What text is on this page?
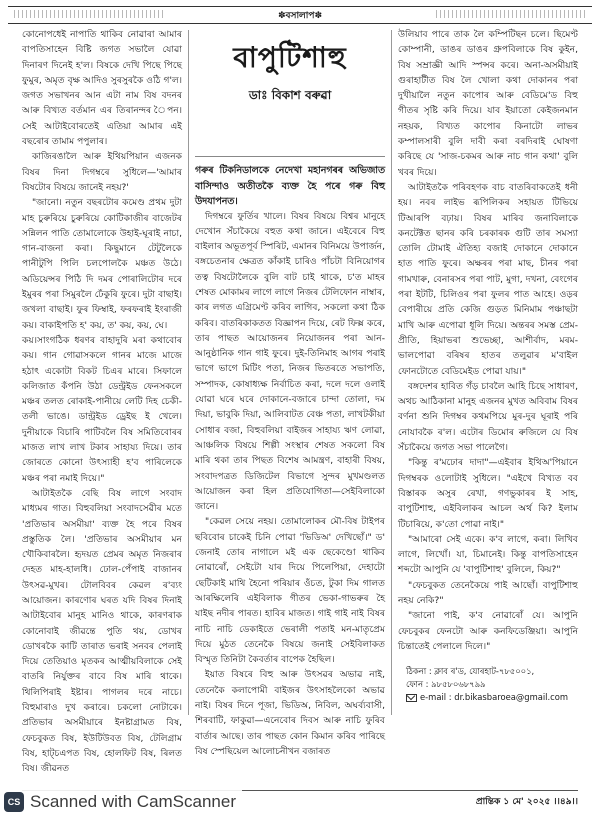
✽বসালাপ✽

কোনোপধেই নাপাতি থাকিব নোৱাৰা আমাৰ বাপতিসাহেন বিষ্টি জগত সভালৈ যোৱা দিনাৰণ দিনেই হ'ল। বিষকে দেখি পিছে পিছে ফুমুৰ, অমৃত বৃক্ষ আদিও সুৰসুৰকৈ ওঠি গ'ল। জগত সভাখনৰ আন এটা নাম বিষ বদনৰ আৰু বিখ্যত বৰ্তমান এৰ তিৰানন্দৰ ৈপন। সেই আটাইবোৰতেই এতিয়া আমাৰ এই বছৰোৰ তামাম পপুলাৰ।

কাজিৰঙালৈ আৰু ইথিয়পিয়ান এজনক বিষৰ দিনা দিগম্বৰে সুধিলে—'আমাৰ বিষটোৰ বিষয়ে জানেই নহয়?'

"জানো। নতুন বছৰটোৰ কমেণ্ড প্ৰথম দুটা মাহ চুৰুৰিয়ে চুৰুৰিয়ে কোটিকাজীৰ বাজেটৰ সন্নিলন পাতি তোমালোকে উহাই-ঘূৰাই নাচা, গান-বাজনা কৰা। কিছুমানে টেটুলৈকে পানীটুপি পিলি চলপোলকৈ মঞ্চত উঠে। অডিয়েন্সৰ পিঠি দি দমৰ পোৰালিটোৰ দৰে ইমুৰৰ পৰা সিমুৰলৈ ঢেঁকুৰি ফুৰে। দুটা বাছাই। জখলা বাছাই। ফুৰ ফিম্বাই, ফৰফৰাই ইংৰাজী কয়। বাকাইপতি হ' কয়, ত' কয়, কয়, ঘে।

কয়।সাংগঠিক ধৰণৰ বাহাদুৰি মৰা কথাবোৰ কয়। গান গোৱাসকলে গানৰ মাজে মাজে হঠাৎ একোটা বিকট চিএৰ মাৰে। সিফালে কলিজাত কঁপনি উঠা ডেন্ট্ৰইড ফেনসকলে মঞ্চৰ তলত ৰোকাই-পানীয়ে লেটি দিহ চেকী-তলী ভাঙে। ডান্ট্ৰইড ড্ৰেইছ ই খেলে। দুনীয়াকে বিচাৰি পাটিবলৈ বিষ সমিতিবোৰৰ মাজত লাখ লাখ টকাৰ সাহায্য দিয়ে। তাৰ জোৰতে কোনো উৎস্যাহী হ'ব পাৰিলেকে মঞ্চৰ পৰা নমাই দিয়ে।"

আটাইতকৈ বেছি বিষ লাগে সংবাদ মাধ্যমৰ গাত। বিহুবলিয়া সংবাদসেৱীৰ মতে 'প্ৰতিভাৰ অসমীয়া' ব্যক্ত হৈ পৰে বিষৰ প্ৰস্তুতিক লৈ। 'প্ৰতিভাৰ অসমীয়াৰ মন খৌকিবাৰলৈ। হৃদয়ত প্ৰেমৰ অমৃত নিজৰাৰ দেহত মাহ-হালধি। ঢোল-পেঁপাই বাজানৰ উৎসৱ-মুখৰ। টোলবিবৰ কেৱল ৰ'ব্যং আয়োজন। কাৰণোৰ ঘৰত যদি বিষৰ দিনাই আটাইবোৰ মানুহ মানিও থাকে, কাৰণৰাক কোনোবাই জীৱন্তে পুতি থয়, ডোখৰ ডোখৰকৈ কাটি তাৰাত ভৰাই সনবৰ পেলাই দিয়ে তেতিয়াও মৃতকৰ আত্মীয়বিলাকে সেই বাতৰি নিৰ্যুক্তৰ বাবে বিষ মাৰি থাকে। থিলিপিৰাই ইষ্টাৰ। পাগলৰ দৰে নাচে। বিহুমাৰাও দুখ কৰাৰে। চকলো নোটাকে। প্ৰতিভাৰ অসমীয়াৰে ইনষ্টাগ্ৰামত বিষ, ফেচবুকত বিষ, ইউটিউবত বিষ, টেলিগ্ৰাম বিষ, হাট্‌চএপত বিষ, হোলফিট বিষ, ৰিলত বিষ। জীৱনত

বাপুটিশাহু
ডাঃ বিকাশ বৰুৱা

গৰুৰ টিকনিডালকে নেদেখা মহানগৰৰ অভিজাত বাসিন্দাও অতীতকৈ ব্যক্ত হৈ পৰে গৰু বিহু উদযাপনত।

দিগম্বৰে ফুৰ্তিৰ খালে। বিষৰ বিষয়ে বিশ্বৰ মানুহে দেখোন সঁচাকৈয়ে বহুত কথা জানে। এইবেৰে বিহু বাইলাৰ অভূতপূৰ্ব স্পিৰিট, এমানৰ বিনিময়ে উপাৰ্জন, বঙ্গচেতনাৰ ক্ষেত্ৰত কাঁকাই চাৰিও পাঁচটা বিনিয়োগৰ তত্ব বিষটোলৈকে বুলি বাট চাই থাকে, চ'ত মাহৰ শেষত মোকামৰ লাগে লাগে নিজৰ টেলিফোন নাম্বাৰ, কাৰ লগত এগ্ৰিমেণ্ট কৰিব লাগিব, সকলো কথা ঠিক কৰিব। বাতৰিকাকতত বিজ্ঞাপন দিয়ে, ৰেট ফিক্স কৰে, তাৰ পাছত আয়োজনৰ নিয়োজনৰ পৰা আন-আনুষ্ঠানিক গান গাই ফুৰে। দুই-তিনিমাহ আগৰ পৰাই ভাগে ভাগে মিটিং পতা, নিজৰ ভিতৰতে সভাপতি, সম্পাদক, কোষাধ্যক্ষ নিৰ্বাচিত কৰা, দলে দলে ওলাই যোৱা ঘৰে ঘৰে দোকানে-বজাৰে চান্দা তোলা, দম দিয়া, ভাবুকি দিয়া, আলিবাটত বেঞ্চ পতা, লাখটকীয়া সোধাৰ বজা, বিহুবলিয়া বাইজৰ সাহায্য ঋণ লোৱা, আঞ্চলিক বিষয়ে শিল্পী সংস্থাৰ শেষত সকলো বিষ মাৰি থকা তাৰ পিছত বিশেষ আমন্ত্ৰণ, বাহাৰী বিষয়, সংবাদপত্ৰত ডিজিটেল বিভাগে সুন্দৰ মুখমণ্ডলত আয়োজন কৰা হিল প্ৰতিযোগিতা—সেইবিলাকো জানে।

"কেৱল সেয়ে নহয়। তোমালোকৰ মৌ-বিষ টাইপৰ ছবিবোৰ চাকেই চিনি পোৱা 'ভিডিঅ' দেখিছোঁ।" ড' জেনাই তোৰ নাগালে মই এক ছেকেণ্ডো থাকিব নোৱাৰোঁ, সেইটো যাৰ দিয়ে পিলেপিয়া, দেহাটো ছেটিকাই মাথি হৈনো পৰিয়াৰ ওঁচত, টুকা দিম গালত আৰক্ষিলেৰি এইবিলাক গীতৰ ভেকা-গাভৰুৰ হৈ যাইছ নদীৰ পাৰত। হাবিৰ মাজত। গাই গাই নাই বিষৰ নাচি নাচি ডেকাইতে ভেৰালী পতাই মন-মাতৃপ্ৰেম দিয়ে মুঠত তেনেকৈ বিষয়ে জনাই সেইবিলাকত বিস্মৃত তিনিটা কৈবৰ্তাৰ বাপেক হৈছিল।

ইয়াত বিষৰে বিহু আৰু উৎসৱৰ অভাৱ নাই, তেনেকৈ কলাপোমী বাইজৰ উৎসাহলৈকো অভাৱ নাই। বিষৰ দিনে পূজা, ভিডিঅ, নিবিল, অঘৰ্ব্যবাসী, শিৰবাটি, ফাকুৱা—এনেবোৰ দিবস আৰু নাচি ফুৰিব বাৰ্তাৰ আছে। তাৰ পাছত কোন কিমান কৰিব পাৰিছে বিষ স্পেছিয়েল আলোচনীখন বজাৰত

উলিয়াব পাৰে তাক লৈ কম্পিটিছন চলে। ছিমেণ্ট কোম্পানী, ডাঙৰ ডাঙৰ গ্ৰুপবিলাকে বিষ কুইন, বিষ সম্ৰাজ্ঞী আদি স্পন্সৰ কৰে। অনা-অসমীয়াই গুৰাহাটীত বিষ লৈ খোলা কথা দোকানৰ পৰা দুখীয়ালৈ নতুন কাপোৰ আৰু বেডিমে'ড বিহু গীতৰ সৃষ্টি কৰি দিয়ে। যাব ইয়াতো কেইজনমান নহয়ক, বিখ্যত কাপোৰ কিনাটো লাভৰ কম্পালসাৰী বুলি দাবী কৰা বৰদিৰাই ঘোষণা কৰিছে যে 'সাজ-চকমৰ আৰু নাচ গান কথা' বুলি খবৰ দিয়ে।

আটাইতকৈ পৰিবহণক বাচ বাতৰিবাকতেই ধনী হয়। নবৰ লাইভ ৰূপিলিকৰ সহায়ত টিভিয়ে টিআৰপি বঢ়ায়। বিষৰ মাৰিব জনাবিলাকে কনটেক্টত ছানৰ কৰি চৰকাৰক গুটি তাৰ সমস্যা তোলি টোমাই ঐতিহ্য বজাই দোকানে দোকানে হাত পাতি ফুৰে। অক্ষৰৰ পৰা মাছ, চীনৰ পৰা গামখাৰু, বেনাৰসৰ পৰা পাট, মুগা, দখনা, বেংগেৰ পৰা ইটটি, চিলিওৰ পৰা ফুলৰ পাত আহে। ওড়ৰ বেপাৰীয়ে প্ৰতি কেজি গুড়ত মিনিমাম পঞ্চাছটা মাখি আৰু এপোৱা ধূলি দিয়ে। অন্তৰৰ সমস্ত প্ৰেম-প্ৰীতি, হিয়াভৰা শুভেচ্ছা, আশীৰ্বাদ, মৰম-ভালপোৱা বৰিষৰ হাতৰ তলুৱাৰ ম'বাইল ফোনটোতে বেডিমেইড পোৱা যায়।"

বঙ্গদেশৰ হাবিত গঁড় চাবলৈ আহি চিছে সাধাৰণ, অথচ আঠিকানা মানুহ এজনৰ মুখত অবিবাম বিষৰ বৰ্ণনা শুনি দিগম্বৰ কথমপিয়ে মুৰ-দুৰ ঘূৰাই পৰি নোযাবকৈ ৰ'ল। এটোৰ ডিমোৰ ৰুজিলে যে বিষ সঁচাকৈয়ে জগত সভা পালেগৈ।

"কিন্তু ৰ'মঢোৰ দাদা"—এইবাৰ ইথিঅ'পিয়ানে দিগম্বৰক ওলোটাই সুধিলে। "এইখে বিখ্যত বব বিস্তাৰক অসুৰ ৰেখা, গণভুকাৰৰ ই সাহ, বাপুটিশাহু, এইবিলাকৰ আচল অৰ্থ কি? ইলাম টিচাৰিয়ে, ক'তো পোৱা নাই।"

"আমাৰো সেই একে। ক'ব লাগে, কৰা। লিখিব লাগে, লিখোঁ। যা, চিমানেই। কিন্তু বাপতিসাহেন শব্দটো আপুনি যে 'বাপুটিশাহু' বুলিলে, কিয়?"

"ফেচবুকত তেনেকৈয়ে পাই আছোঁ। বাপুটিশাহু নহয় নেকি?"

"জানো পাই, ক'ব নোৱাৰোঁ যে। আপুনি ফেচবুকৰ ফেনটো আৰু কনফিডেঞ্জিয়া। আপুনি চিন্তাতেই পেলালে দিলে।"

ঠিকনা : ক্লাব ৰ'ড, যোৰহাট-৭৮৫০০১,
ফোন : ৯৮৫৮০৬৮৭৯৯
e-mail : dr.bikasbaroea@gmail.com
প্ৰান্তিক ১ মে' ২০২৫ ।।৪৯।।
CS Scanned with CamScanner
